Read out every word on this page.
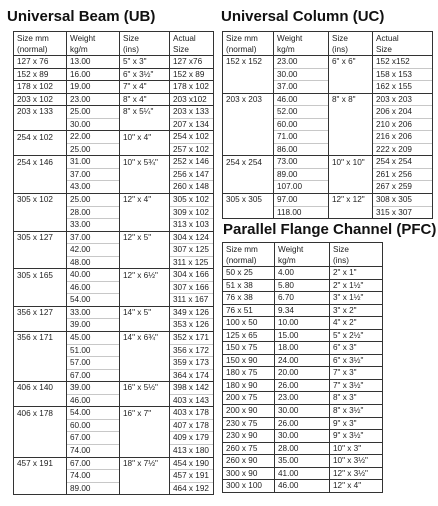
Universal Beam (UB)
Size mm	Weight	Size	Actual
(normal)	kg/m	(ins)	Size
127 x 76	13.00	5" x 3"	127 x76
152 x 89	16.00	6" x 3½"	152 x 89
178 x 102	19.00	7" x 4"	178 x 102
203 x 102	23.00	8" x 4"	203 x102
203 x 133	25.00	8" x 5¼"	203 x 133
	30.00		207 x 134
254 x 102	22.00	10" x 4"	254 x 102
	25.00		257 x 102
254 x 146	31.00	10" x 5¾"	252 x 146
	37.00		256 x 147
	43.00		260 x 148
305 x 102	25.00	12" x 4"	305 x 102
	28.00		309 x 102
	33.00		313 x 103
305 x 127	37.00	12" x 5"	304 x 124
	42.00		307 x 125
	48.00		311 x 125
305 x 165	40.00	12" x 6½"	304 x 166
	46.00		307 x 166
	54.00		311 x 167
356 x 127	33.00	14" x 5"	349 x 126
	39.00		353 x 126
356 x 171	45.00	14" x 6¾"	352 x 171
	51.00		356 x 172
	57.00		359 x 173
	67.00		364 x 174
406 x 140	39.00	16" x 5½"	398 x 142
	46.00		403 x 143
406 x 178	54.00	16" x 7"	403 x 178
	60.00		407 x 178
	67.00		409 x 179
	74.00		413 x 180
457 x 191	67.00	18" x 7½"	454 x 190
	74.00		457 x 191
	89.00		464 x 192
Universal Column (UC)
Size mm	Weight	Size	Actual
(normal)	kg/m	(ins)	Size
152 x 152	23.00	6" x 6"	152 x152
	30.00		158 x 153
	37.00		162 x 155
203 x 203	46.00	8" x 8"	203 x 203
	52.00		206 x 204
	60.00		210 x 206
	71.00		216 x 206
	86.00		222 x 209
254 x 254	73.00	10" x 10"	254 x 254
	89.00		261 x 256
	107.00		267 x 259
305 x 305	97.00	12" x 12"	308 x 305
	118.00		315 x 307
Parallel Flange Channel (PFC)
Size mm	Weight	Size
(normal)	kg/m	(ins)
50 x 25	4.00	2" x 1"
51 x 38	5.80	2" x 1½"
76 x 38	6.70	3" x 1½"
76 x 51	9.34	3" x 2"
100 x 50	10.00	4" x 2"
125 x 65	15.00	5" x 2½"
150 x 75	18.00	6" x 3"
150 x 90	24.00	6" x 3½"
180 x 75	20.00	7" x 3"
180 x 90	26.00	7" x 3½"
200 x 75	23.00	8" x 3"
200 x 90	30.00	8" x 3½"
230 x 75	26.00	9" x 3"
230 x 90	30.00	9" x 3½"
260 x 75	28.00	10" x 3"
260 x 90	35.00	10" x 3½"
300 x 90	41.00	12" x 3½"
300 x 100	46.00	12" x 4"
